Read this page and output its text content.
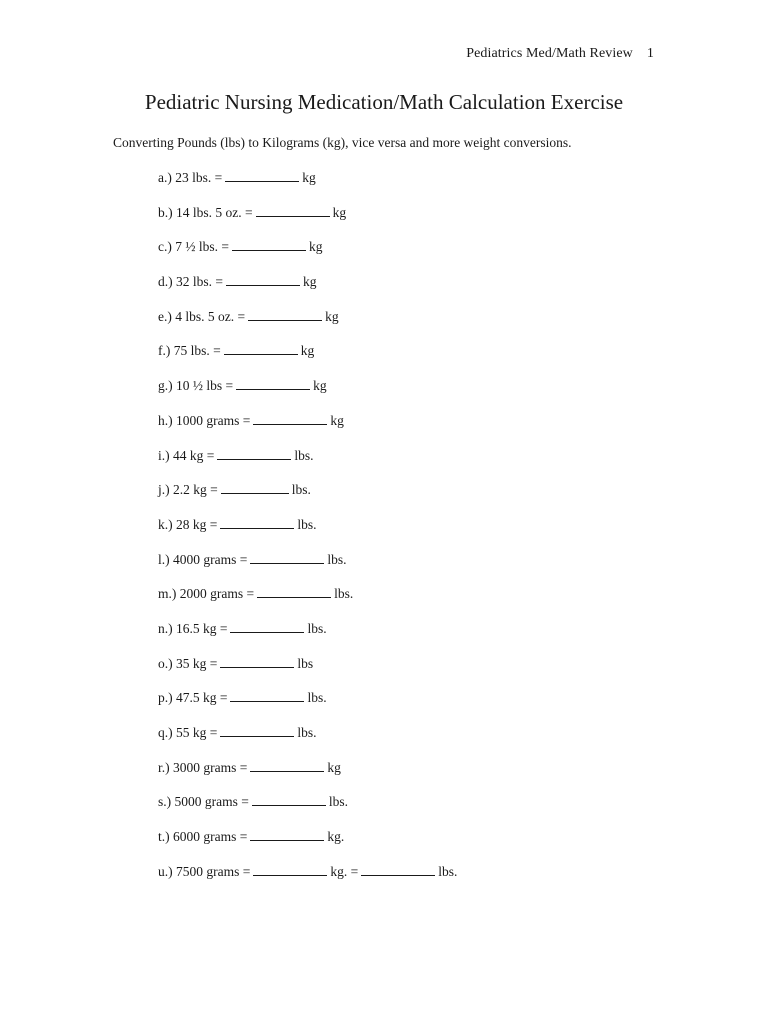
Pediatrics Med/Math Review 1
Pediatric Nursing Medication/Math Calculation Exercise

Converting Pounds (lbs) to Kilograms (kg), vice versa and more weight conversions.

a.) 23 lbs. =	kg
b.) 14 lbs. 5 oz. =	kg
c.) 7 ½ lbs. =	kg
d.) 32 lbs. =	kg
e.) 4 lbs. 5 oz. =	kg
f.) 75 lbs. =	kg
g.) 10 ½ lbs =	kg
h.) 1000 grams =	kg
i.) 44 kg =	lbs.
j.) 2.2 kg =	lbs.
k.) 28 kg =	lbs.
l.) 4000 grams =	lbs.
m.) 2000 grams =	lbs.
n.) 16.5 kg =	lbs.
o.) 35 kg =	lbs
p.) 47.5 kg =	lbs.
q.) 55 kg =	lbs.
r.) 3000 grams =	kg
s.) 5000 grams =	lbs.
t.) 6000 grams =	kg.
u.) 7500 grams =	kg. =	lbs.
